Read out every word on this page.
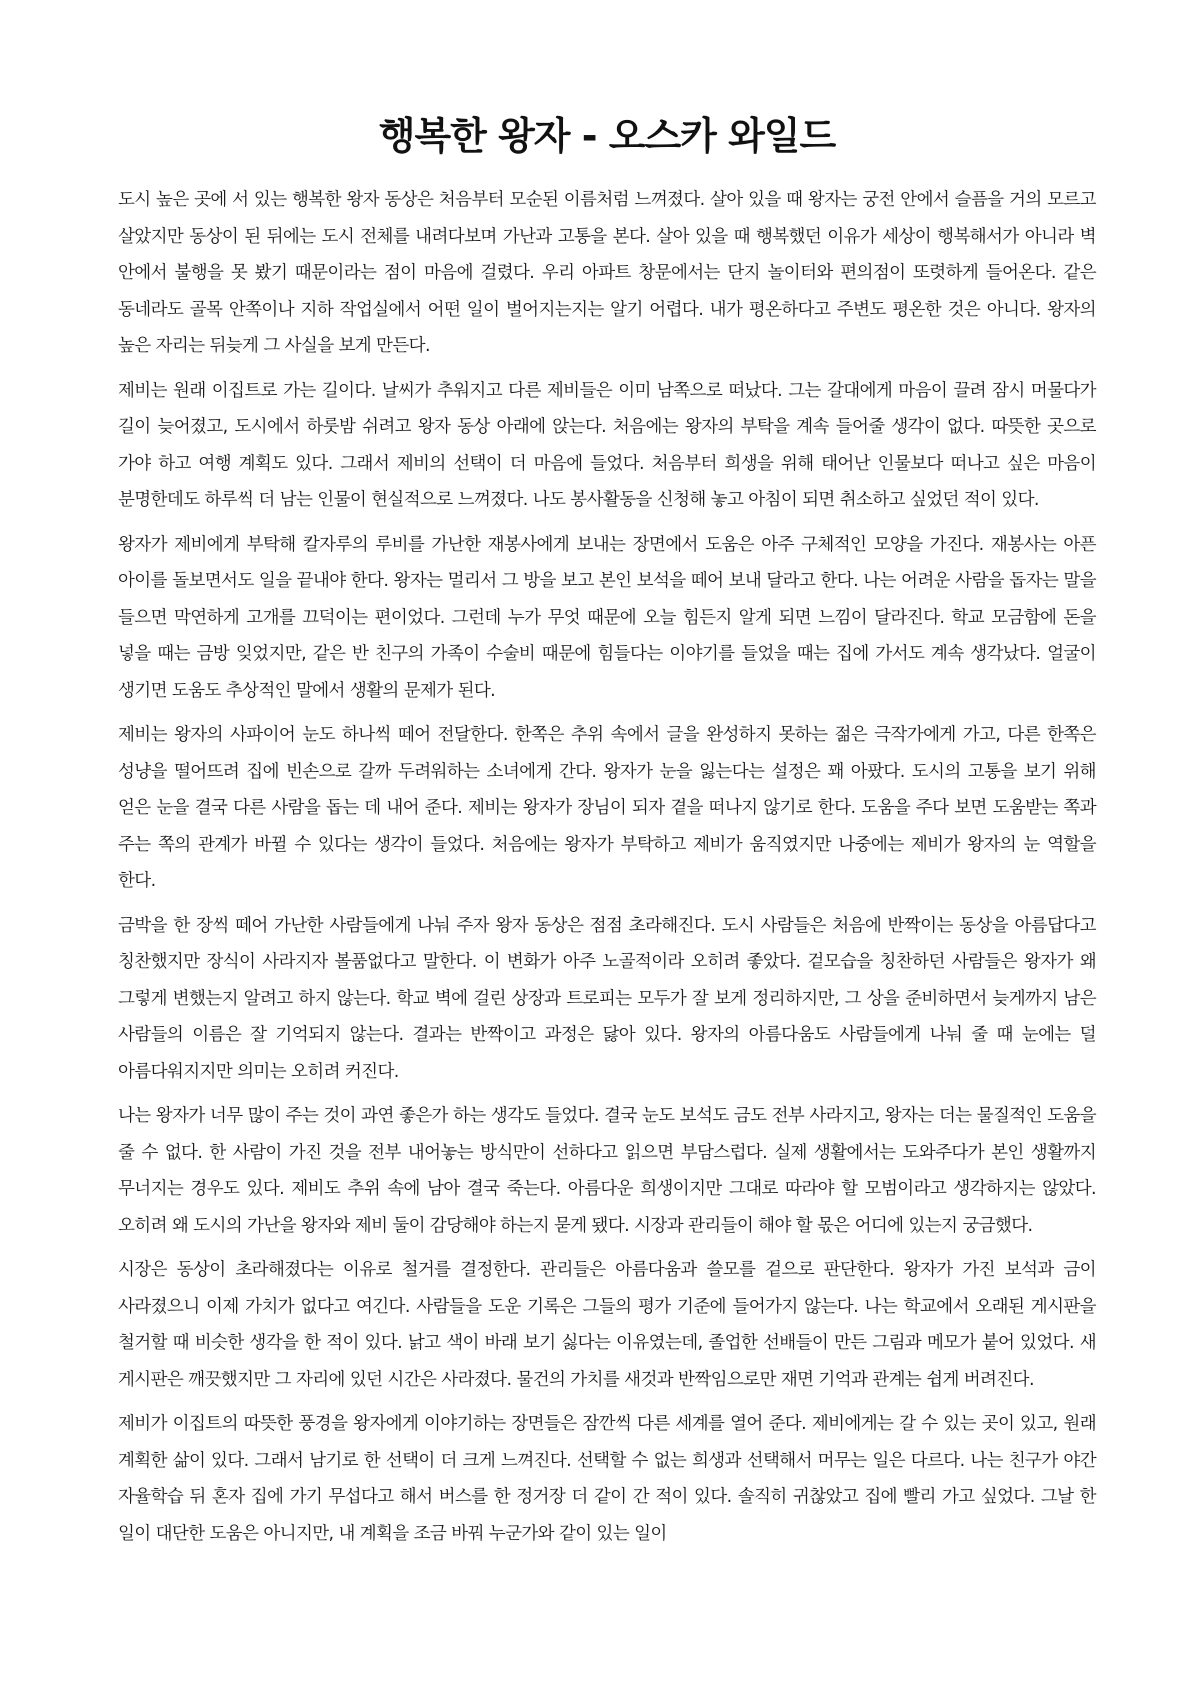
행복한 왕자 - 오스카 와일드

도시 높은 곳에 서 있는 행복한 왕자 동상은 처음부터 모순된 이름처럼 느껴졌다. 살아 있을 때 왕자는 궁전 안에서 슬픔을 거의 모르고 살았지만 동상이 된 뒤에는 도시 전체를 내려다보며 가난과 고통을 본다. 살아 있을 때 행복했던 이유가 세상이 행복해서가 아니라 벽 안에서 불행을 못 봤기 때문이라는 점이 마음에 걸렸다. 우리 아파트 창문에서는 단지 놀이터와 편의점이 또렷하게 들어온다. 같은 동네라도 골목 안쪽이나 지하 작업실에서 어떤 일이 벌어지는지는 알기 어렵다. 내가 평온하다고 주변도 평온한 것은 아니다. 왕자의 높은 자리는 뒤늦게 그 사실을 보게 만든다.

제비는 원래 이집트로 가는 길이다. 날씨가 추워지고 다른 제비들은 이미 남쪽으로 떠났다. 그는 갈대에게 마음이 끌려 잠시 머물다가 길이 늦어졌고, 도시에서 하룻밤 쉬려고 왕자 동상 아래에 앉는다. 처음에는 왕자의 부탁을 계속 들어줄 생각이 없다. 따뜻한 곳으로 가야 하고 여행 계획도 있다. 그래서 제비의 선택이 더 마음에 들었다. 처음부터 희생을 위해 태어난 인물보다 떠나고 싶은 마음이 분명한데도 하루씩 더 남는 인물이 현실적으로 느껴졌다. 나도 봉사활동을 신청해 놓고 아침이 되면 취소하고 싶었던 적이 있다.

왕자가 제비에게 부탁해 칼자루의 루비를 가난한 재봉사에게 보내는 장면에서 도움은 아주 구체적인 모양을 가진다. 재봉사는 아픈 아이를 돌보면서도 일을 끝내야 한다. 왕자는 멀리서 그 방을 보고 본인 보석을 떼어 보내 달라고 한다. 나는 어려운 사람을 돕자는 말을 들으면 막연하게 고개를 끄덕이는 편이었다. 그런데 누가 무엇 때문에 오늘 힘든지 알게 되면 느낌이 달라진다. 학교 모금함에 돈을 넣을 때는 금방 잊었지만, 같은 반 친구의 가족이 수술비 때문에 힘들다는 이야기를 들었을 때는 집에 가서도 계속 생각났다. 얼굴이 생기면 도움도 추상적인 말에서 생활의 문제가 된다.

제비는 왕자의 사파이어 눈도 하나씩 떼어 전달한다. 한쪽은 추위 속에서 글을 완성하지 못하는 젊은 극작가에게 가고, 다른 한쪽은 성냥을 떨어뜨려 집에 빈손으로 갈까 두려워하는 소녀에게 간다. 왕자가 눈을 잃는다는 설정은 꽤 아팠다. 도시의 고통을 보기 위해 얻은 눈을 결국 다른 사람을 돕는 데 내어 준다. 제비는 왕자가 장님이 되자 곁을 떠나지 않기로 한다. 도움을 주다 보면 도움받는 쪽과 주는 쪽의 관계가 바뀔 수 있다는 생각이 들었다. 처음에는 왕자가 부탁하고 제비가 움직였지만 나중에는 제비가 왕자의 눈 역할을 한다.

금박을 한 장씩 떼어 가난한 사람들에게 나눠 주자 왕자 동상은 점점 초라해진다. 도시 사람들은 처음에 반짝이는 동상을 아름답다고 칭찬했지만 장식이 사라지자 볼품없다고 말한다. 이 변화가 아주 노골적이라 오히려 좋았다. 겉모습을 칭찬하던 사람들은 왕자가 왜 그렇게 변했는지 알려고 하지 않는다. 학교 벽에 걸린 상장과 트로피는 모두가 잘 보게 정리하지만, 그 상을 준비하면서 늦게까지 남은 사람들의 이름은 잘 기억되지 않는다. 결과는 반짝이고 과정은 닳아 있다. 왕자의 아름다움도 사람들에게 나눠 줄 때 눈에는 덜 아름다워지지만 의미는 오히려 커진다.

나는 왕자가 너무 많이 주는 것이 과연 좋은가 하는 생각도 들었다. 결국 눈도 보석도 금도 전부 사라지고, 왕자는 더는 물질적인 도움을 줄 수 없다. 한 사람이 가진 것을 전부 내어놓는 방식만이 선하다고 읽으면 부담스럽다. 실제 생활에서는 도와주다가 본인 생활까지 무너지는 경우도 있다. 제비도 추위 속에 남아 결국 죽는다. 아름다운 희생이지만 그대로 따라야 할 모범이라고 생각하지는 않았다. 오히려 왜 도시의 가난을 왕자와 제비 둘이 감당해야 하는지 묻게 됐다. 시장과 관리들이 해야 할 몫은 어디에 있는지 궁금했다.

시장은 동상이 초라해졌다는 이유로 철거를 결정한다. 관리들은 아름다움과 쓸모를 겉으로 판단한다. 왕자가 가진 보석과 금이 사라졌으니 이제 가치가 없다고 여긴다. 사람들을 도운 기록은 그들의 평가 기준에 들어가지 않는다. 나는 학교에서 오래된 게시판을 철거할 때 비슷한 생각을 한 적이 있다. 낡고 색이 바래 보기 싫다는 이유였는데, 졸업한 선배들이 만든 그림과 메모가 붙어 있었다. 새 게시판은 깨끗했지만 그 자리에 있던 시간은 사라졌다. 물건의 가치를 새것과 반짝임으로만 재면 기억과 관계는 쉽게 버려진다.

제비가 이집트의 따뜻한 풍경을 왕자에게 이야기하는 장면들은 잠깐씩 다른 세계를 열어 준다. 제비에게는 갈 수 있는 곳이 있고, 원래 계획한 삶이 있다. 그래서 남기로 한 선택이 더 크게 느껴진다. 선택할 수 없는 희생과 선택해서 머무는 일은 다르다. 나는 친구가 야간 자율학습 뒤 혼자 집에 가기 무섭다고 해서 버스를 한 정거장 더 같이 간 적이 있다. 솔직히 귀찮았고 집에 빨리 가고 싶었다. 그날 한 일이 대단한 도움은 아니지만, 내 계획을 조금 바꿔 누군가와 같이 있는 일이
